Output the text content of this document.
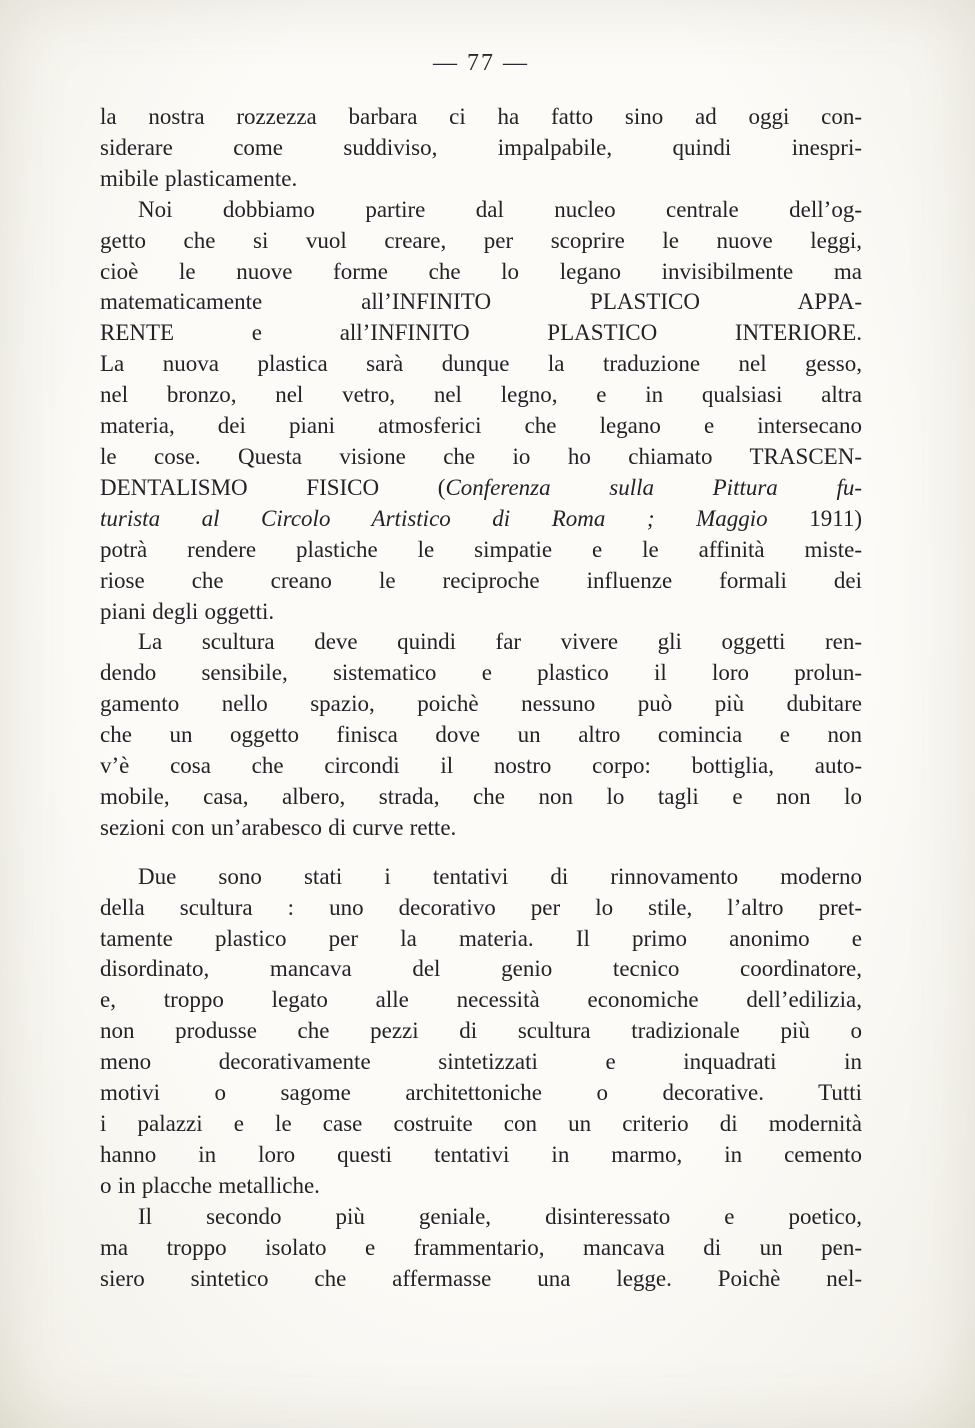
— 77 —
la nostra rozzezza barbara ci ha fatto sino ad oggi con-
siderare come suddiviso, impalpabile, quindi inespri-
mibile plasticamente.
Noi dobbiamo partire dal nucleo centrale dell’og-
getto che si vuol creare, per scoprire le nuove leggi,
cioè le nuove forme che lo legano invisibilmente ma
matematicamente all’INFINITO PLASTICO APPA-
RENTE e all’INFINITO PLASTICO INTERIORE.
La nuova plastica sarà dunque la traduzione nel gesso,
nel bronzo, nel vetro, nel legno, e in qualsiasi altra
materia, dei piani atmosferici che legano e intersecano
le cose. Questa visione che io ho chiamato TRASCEN-
DENTALISMO FISICO (Conferenza sulla Pittura fu-
turista al Circolo Artistico di Roma ; Maggio 1911)
potrà rendere plastiche le simpatie e le affinità miste-
riose che creano le reciproche influenze formali dei
piani degli oggetti.
La scultura deve quindi far vivere gli oggetti ren-
dendo sensibile, sistematico e plastico il loro prolun-
gamento nello spazio, poichè nessuno può più dubitare
che un oggetto finisca dove un altro comincia e non
v’è cosa che circondi il nostro corpo: bottiglia, auto-
mobile, casa, albero, strada, che non lo tagli e non lo
sezioni con un’arabesco di curve rette.
Due sono stati i tentativi di rinnovamento moderno
della scultura : uno decorativo per lo stile, l’altro pret-
tamente plastico per la materia. Il primo anonimo e
disordinato, mancava del genio tecnico coordinatore,
e, troppo legato alle necessità economiche dell’edilizia,
non produsse che pezzi di scultura tradizionale più o
meno decorativamente sintetizzati e inquadrati in
motivi o sagome architettoniche o decorative. Tutti
i palazzi e le case costruite con un criterio di modernità
hanno in loro questi tentativi in marmo, in cemento
o in placche metalliche.
Il secondo più geniale, disinteressato e poetico,
ma troppo isolato e frammentario, mancava di un pen-
siero sintetico che affermasse una legge. Poichè nel-
